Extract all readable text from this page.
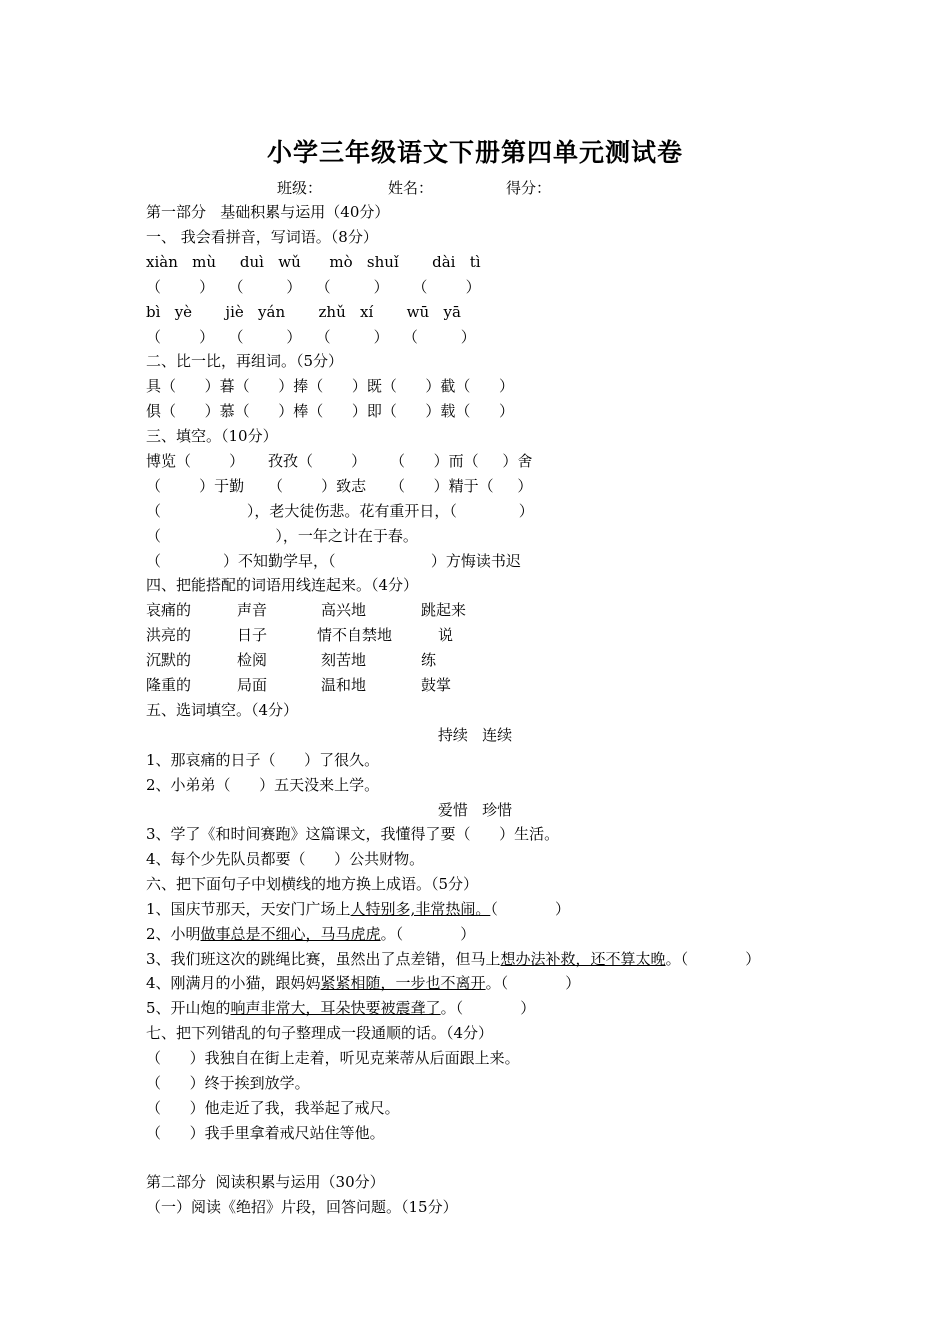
小学三年级语文下册第四单元测试卷
班级：	姓名：	得分：
第一部分   基础积累与运用（40分）
一、 我会看拼音，写词语。（8分）
xiàn   mù     duì   wǔ      mò   shuǐ       dài   tì
（        ）   （         ）   （         ）     （        ）
bì   yè       jiè   yán       zhǔ   xí       wū   yā
（        ）   （         ）   （         ）   （         ）
二、比一比，再组词。（5分）
具（      ）暮（      ）捧（      ）既（      ）截（      ）
俱（      ）慕（      ）棒（      ）即（      ）载（      ）
三、填空。（10分）
博览（        ）     孜孜（        ）     （      ）而（     ）舍
（        ）于勤     （        ）致志     （      ）精于（     ）
（                  ），老大徒伤悲。花有重开日，（             ）
（                        ），一年之计在于春。
（             ）不知勤学早，（                    ）方悔读书迟
四、把能搭配的词语用线连起来。（4分）
哀痛的	声音	高兴地	跳起来
洪亮的	日子	情不自禁地	说
沉默的	检阅	刻苦地	练
隆重的	局面	温和地	鼓掌
五、选词填空。（4分）
持续   连续
1、那哀痛的日子（      ）了很久。
2、小弟弟（      ）五天没来上学。
爱惜   珍惜
3、学了《和时间赛跑》这篇课文，我懂得了要（      ）生活。
4、每个少先队员都要（      ）公共财物。
六、把下面句子中划横线的地方换上成语。（5分）
1、国庆节那天，天安门广场上人特别多,非常热闹。（            ）
2、小明做事总是不细心，马马虎虎。（            ）
3、我们班这次的跳绳比赛，虽然出了点差错，但马上想办法补救，还不算太晚。（            ）
4、刚满月的小猫，跟妈妈紧紧相随，一步也不离开。（            ）
5、开山炮的响声非常大，耳朵快要被震聋了。（            ）
七、把下列错乱的句子整理成一段通顺的话。（4分）
（      ）我独自在街上走着，听见克莱蒂从后面跟上来。
（      ）终于挨到放学。
（      ）他走近了我，我举起了戒尺。
（      ）我手里拿着戒尺站住等他。
第二部分  阅读积累与运用（30分）
（一）阅读《绝招》片段，回答问题。（15分）
